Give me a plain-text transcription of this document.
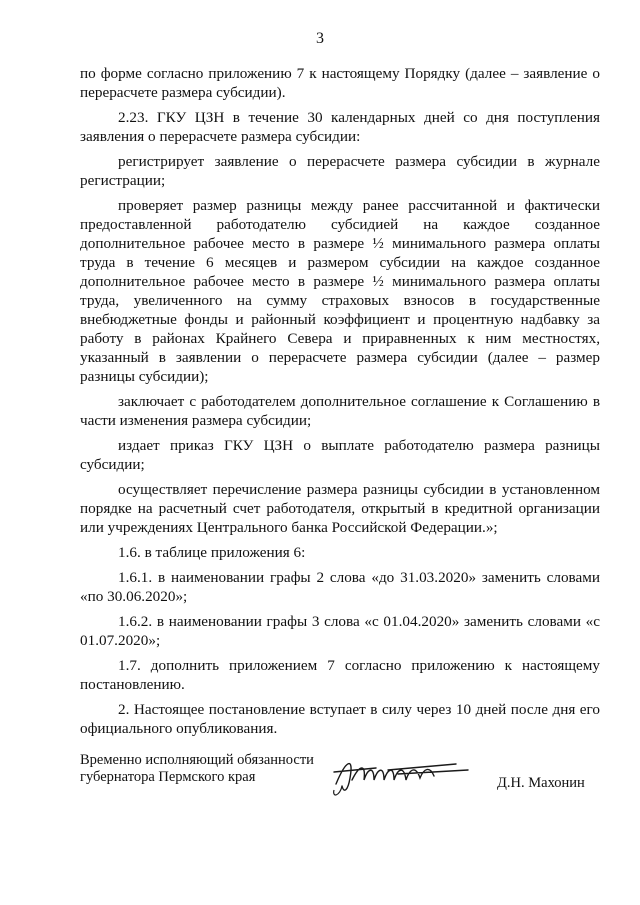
3

по форме согласно приложению 7 к настоящему Порядку (далее – заявление о перерасчете размера субсидии).

2.23. ГКУ ЦЗН в течение 30 календарных дней со дня поступления заявления о перерасчете размера субсидии:

регистрирует заявление о перерасчете размера субсидии в журнале регистрации;

проверяет размер разницы между ранее рассчитанной и фактически предоставленной работодателю субсидией на каждое созданное дополнительное рабочее место в размере ½ минимального размера оплаты труда в течение 6 месяцев и размером субсидии на каждое созданное дополнительное рабочее место в размере ½ минимального размера оплаты труда, увеличенного на сумму страховых взносов в государственные внебюджетные фонды и районный коэффициент и процентную надбавку за работу в районах Крайнего Севера и приравненных к ним местностях, указанный в заявлении о перерасчете размера субсидии (далее – размер разницы субсидии);

заключает с работодателем дополнительное соглашение к Соглашению в части изменения размера субсидии;

издает приказ ГКУ ЦЗН о выплате работодателю размера разницы субсидии;

осуществляет перечисление размера разницы субсидии в установленном порядке на расчетный счет работодателя, открытый в кредитной организации или учреждениях Центрального банка Российской Федерации.»;

1.6. в таблице приложения 6:

1.6.1. в наименовании графы 2 слова «до 31.03.2020» заменить словами «по 30.06.2020»;

1.6.2. в наименовании графы 3 слова «с 01.04.2020» заменить словами «с 01.07.2020»;

1.7. дополнить приложением 7 согласно приложению к настоящему постановлению.

2. Настоящее постановление вступает в силу через 10 дней после дня его официального опубликования.

Временно исполняющий обязанности
губернатора Пермского края	Д.Н. Махонин
